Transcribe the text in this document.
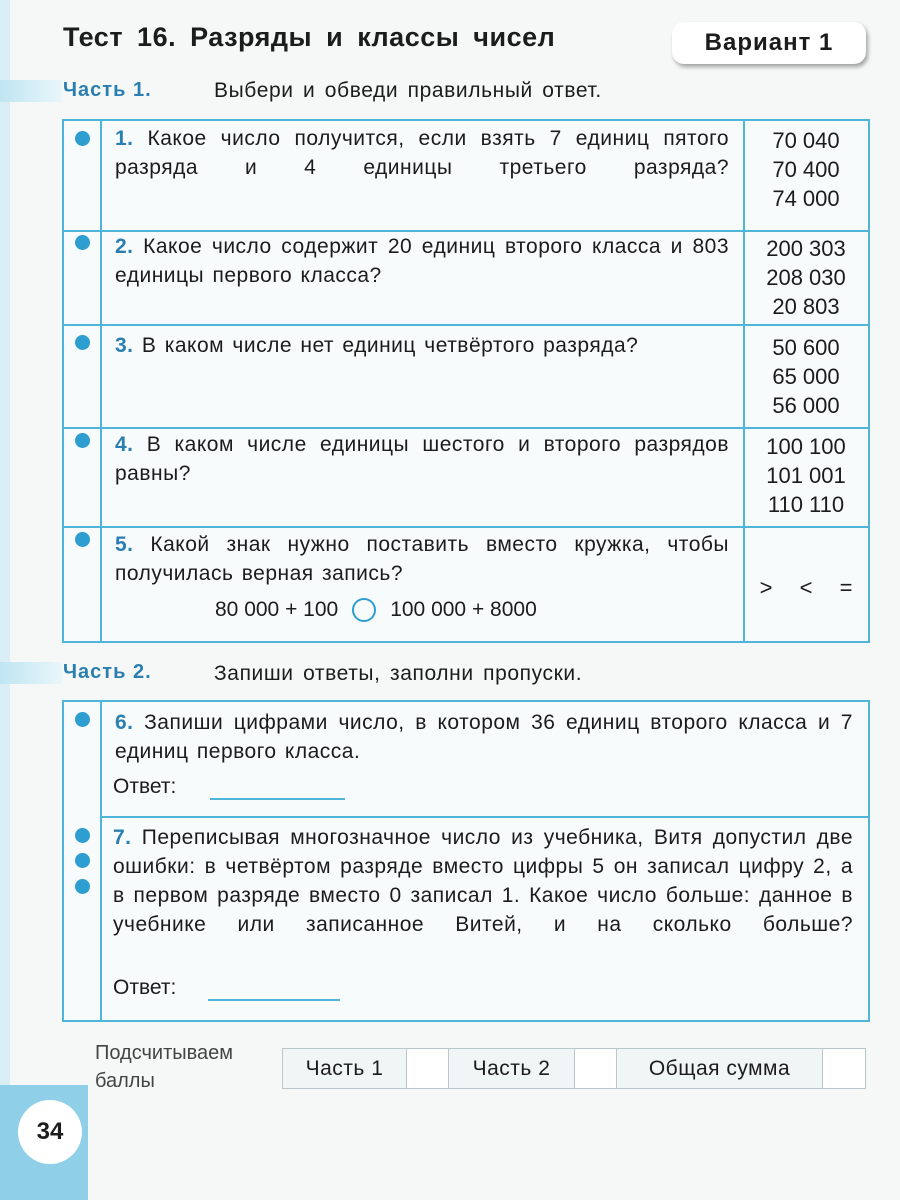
Тест 16. Разряды и классы чисел	Вариант 1
Часть 1.	Выбери и обведи правильный ответ.
1. Какое число получится, если взять 7 единиц пятого разряда и 4 единицы третьего разряда?
70 040
70 400
74 000
2. Какое число содержит 20 единиц второго класса и 803 единицы первого класса?
200 303
208 030
20 803
3. В каком числе нет единиц четвёртого разряда?	50 600
65 000
56 000
4. В каком числе единицы шестого и второго разрядов равны?
100 100
101 001
110 110
5. Какой знак нужно поставить вместо кружка, чтобы получилась верная запись?
80 000 + 100 100 000 + 8000
>	<	=
Часть 2.	Запиши ответы, заполни пропуски.
6. Запиши цифрами число, в котором 36 единиц второго класса и 7 единиц первого класса.
Ответ:
7. Переписывая многозначное число из учебника, Витя допустил две ошибки: в четвёртом разряде вместо цифры 5 он записал цифру 2, а в первом разряде вместо 0 записал 1. Какое число больше: данное в учебнике или записанное Витей, и на сколько больше?
Ответ:
Подсчитываем
баллы
Часть 1	Часть 2	Общая сумма
34
